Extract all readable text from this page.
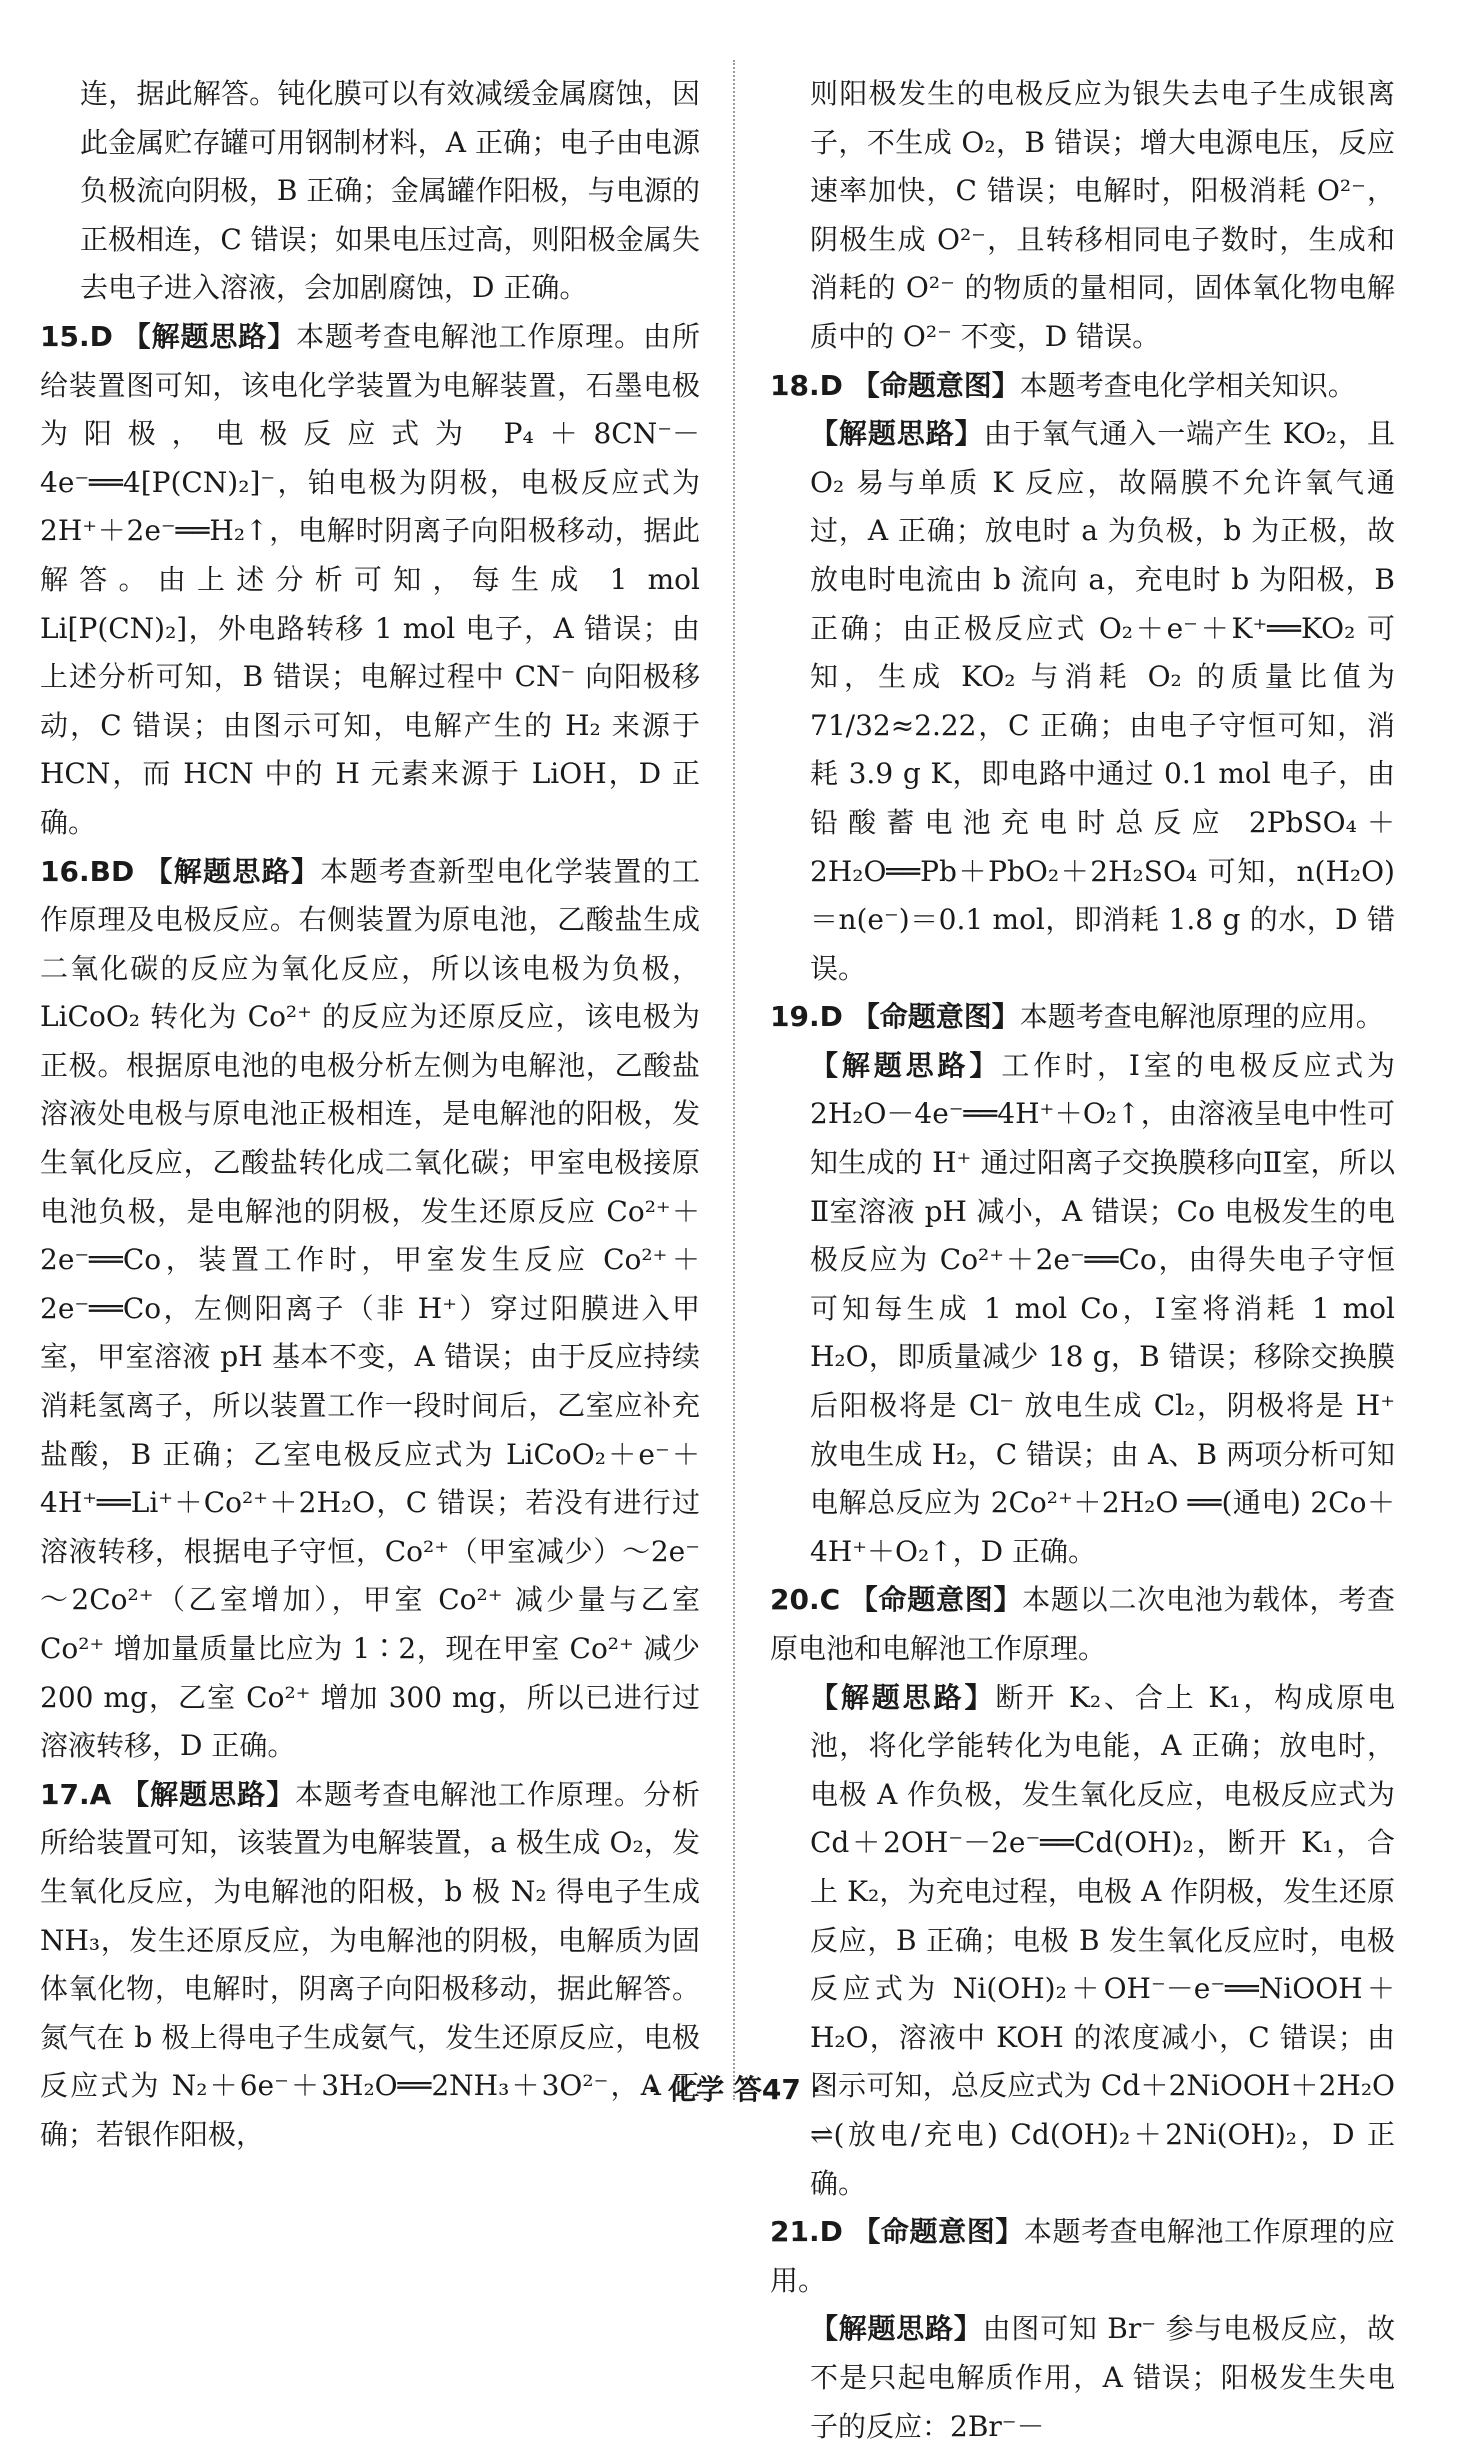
连，据此解答。钝化膜可以有效减缓金属腐蚀，因此金属贮存罐可用钢制材料，A 正确；电子由电源负极流向阴极，B 正确；金属罐作阳极，与电源的正极相连，C 错误；如果电压过高，则阳极金属失去电子进入溶液，会加剧腐蚀，D 正确。

15.D 【解题思路】本题考查电解池工作原理。由所给装置图可知，该电化学装置为电解装置，石墨电极为阳极，电极反应式为 P₄＋8CN⁻－4e⁻══4[P(CN)₂]⁻，铂电极为阴极，电极反应式为 2H⁺＋2e⁻══H₂↑，电解时阴离子向阳极移动，据此解答。由上述分析可知，每生成 1 mol Li[P(CN)₂]，外电路转移 1 mol 电子，A 错误；由上述分析可知，B 错误；电解过程中 CN⁻ 向阳极移动，C 错误；由图示可知，电解产生的 H₂ 来源于 HCN，而 HCN 中的 H 元素来源于 LiOH，D 正确。

16.BD 【解题思路】本题考查新型电化学装置的工作原理及电极反应。右侧装置为原电池，乙酸盐生成二氧化碳的反应为氧化反应，所以该电极为负极，LiCoO₂ 转化为 Co²⁺ 的反应为还原反应，该电极为正极。根据原电池的电极分析左侧为电解池，乙酸盐溶液处电极与原电池正极相连，是电解池的阳极，发生氧化反应，乙酸盐转化成二氧化碳；甲室电极接原电池负极，是电解池的阴极，发生还原反应 Co²⁺＋2e⁻══Co，装置工作时，甲室发生反应 Co²⁺＋2e⁻══Co，左侧阳离子（非 H⁺）穿过阳膜进入甲室，甲室溶液 pH 基本不变，A 错误；由于反应持续消耗氢离子，所以装置工作一段时间后，乙室应补充盐酸，B 正确；乙室电极反应式为 LiCoO₂＋e⁻＋4H⁺══Li⁺＋Co²⁺＋2H₂O，C 错误；若没有进行过溶液转移，根据电子守恒，Co²⁺（甲室减少）～2e⁻～2Co²⁺（乙室增加），甲室 Co²⁺ 减少量与乙室 Co²⁺ 增加量质量比应为 1∶2，现在甲室 Co²⁺ 减少 200 mg，乙室 Co²⁺ 增加 300 mg，所以已进行过溶液转移，D 正确。

17.A 【解题思路】本题考查电解池工作原理。分析所给装置可知，该装置为电解装置，a 极生成 O₂，发生氧化反应，为电解池的阳极，b 极 N₂ 得电子生成 NH₃，发生还原反应，为电解池的阴极，电解质为固体氧化物，电解时，阴离子向阳极移动，据此解答。氮气在 b 极上得电子生成氨气，发生还原反应，电极反应式为 N₂＋6e⁻＋3H₂O══2NH₃＋3O²⁻，A 正确；若银作阳极，

则阳极发生的电极反应为银失去电子生成银离子，不生成 O₂，B 错误；增大电源电压，反应速率加快，C 错误；电解时，阳极消耗 O²⁻，阴极生成 O²⁻，且转移相同电子数时，生成和消耗的 O²⁻ 的物质的量相同，固体氧化物电解质中的 O²⁻ 不变，D 错误。

18.D 【命题意图】本题考查电化学相关知识。

【解题思路】由于氧气通入一端产生 KO₂，且 O₂ 易与单质 K 反应，故隔膜不允许氧气通过，A 正确；放电时 a 为负极，b 为正极，故放电时电流由 b 流向 a，充电时 b 为阳极，B 正确；由正极反应式 O₂＋e⁻＋K⁺══KO₂ 可知，生成 KO₂ 与消耗 O₂ 的质量比值为 71/32≈2.22，C 正确；由电子守恒可知，消耗 3.9 g K，即电路中通过 0.1 mol 电子，由铅酸蓄电池充电时总反应 2PbSO₄＋2H₂O══Pb＋PbO₂＋2H₂SO₄ 可知，n(H₂O)＝n(e⁻)＝0.1 mol，即消耗 1.8 g 的水，D 错误。

19.D 【命题意图】本题考查电解池原理的应用。

【解题思路】工作时，Ⅰ室的电极反应式为 2H₂O－4e⁻══4H⁺＋O₂↑，由溶液呈电中性可知生成的 H⁺ 通过阳离子交换膜移向Ⅱ室，所以Ⅱ室溶液 pH 减小，A 错误；Co 电极发生的电极反应为 Co²⁺＋2e⁻══Co，由得失电子守恒可知每生成 1 mol Co，Ⅰ室将消耗 1 mol H₂O，即质量减少 18 g，B 错误；移除交换膜后阳极将是 Cl⁻ 放电生成 Cl₂，阴极将是 H⁺ 放电生成 H₂，C 错误；由 A、B 两项分析可知电解总反应为 2Co²⁺＋2H₂O ══(通电) 2Co＋4H⁺＋O₂↑，D 正确。

20.C 【命题意图】本题以二次电池为载体，考查原电池和电解池工作原理。

【解题思路】断开 K₂、合上 K₁，构成原电池，将化学能转化为电能，A 正确；放电时，电极 A 作负极，发生氧化反应，电极反应式为 Cd＋2OH⁻－2e⁻══Cd(OH)₂，断开 K₁，合上 K₂，为充电过程，电极 A 作阴极，发生还原反应，B 正确；电极 B 发生氧化反应时，电极反应式为 Ni(OH)₂＋OH⁻－e⁻══NiOOH＋H₂O，溶液中 KOH 的浓度减小，C 错误；由图示可知，总反应式为 Cd＋2NiOOH＋2H₂O ⇌(放电/充电) Cd(OH)₂＋2Ni(OH)₂，D 正确。

21.D 【命题意图】本题考查电解池工作原理的应用。

【解题思路】由图可知 Br⁻ 参与电极反应，故不是只起电解质作用，A 错误；阳极发生失电子的反应：2Br⁻－

· 化学 答47 ·
